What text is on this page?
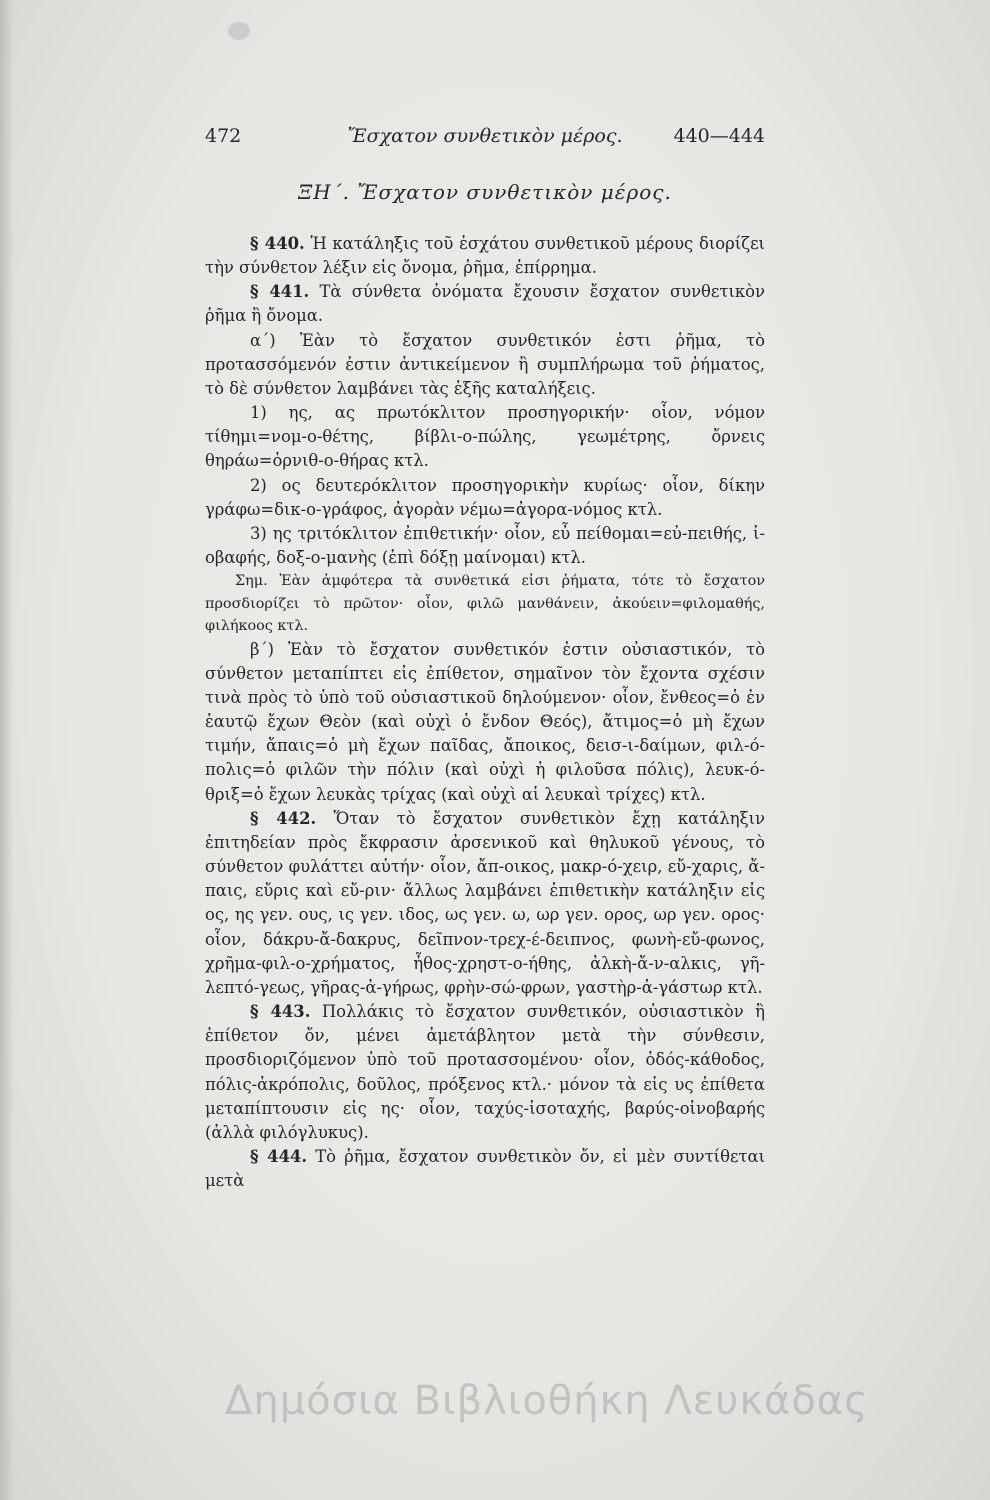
472	Ἔσχατον συνθετικὸν μέρος.	440—444
ΞΗ΄. Ἔσχατον συνθετικὸν μέρος.

§ 440. Ἡ κατάληξις τοῦ ἐσχάτου συνθετικοῦ μέρους διορίζει τὴν σύνθετον λέξιν εἰς ὄνομα, ῥῆμα, ἐπίρρημα.

§ 441. Τὰ σύνθετα ὀνόματα ἔχουσιν ἔσχατον συνθετικὸν ῥῆμα ἢ ὄνομα.

α΄) Ἐὰν τὸ ἔσχατον συνθετικόν ἐστι ῥῆμα, τὸ προτασσόμενόν ἐστιν ἀντικείμενον ἢ συμπλήρωμα τοῦ ῥήματος, τὸ δὲ σύνθετον λαμβάνει τὰς ἑξῆς καταλήξεις.

1) ης, ας πρωτόκλιτον προσηγορικήν· οἷον, νόμον τίθημι=νομ-ο-θέτης, βίβλι-ο-πώλης, γεωμέτρης, ὄρνεις θηράω=ὀρνιθ-ο-θήρας κτλ.

2) ος δευτερόκλιτον προσηγορικὴν κυρίως· οἷον, δίκην γράφω=δικ-ο-γράφος, ἀγορὰν νέμω=ἀγορα-νόμος κτλ.

3) ης τριτόκλιτον ἐπιθετικήν· οἷον, εὖ πείθομαι=εὐ-πειθής, ἰ-οβαφής, δοξ-ο-μανὴς (ἐπὶ δόξῃ μαίνομαι) κτλ.

Σημ. Ἐὰν ἀμφότερα τὰ συνθετικά εἰσι ῥήματα, τότε τὸ ἔσχατον προσδιορίζει τὸ πρῶτον· οἷον, φιλῶ μανθάνειν, ἀκούειν=φιλομαθής, φιλήκοος κτλ.

β΄) Ἐὰν τὸ ἔσχατον συνθετικόν ἐστιν οὐσιαστικόν, τὸ σύνθετον μεταπίπτει εἰς ἐπίθετον, σημαῖνον τὸν ἔχοντα σχέσιν τινὰ πρὸς τὸ ὑπὸ τοῦ οὐσιαστικοῦ δηλούμενον· οἷον, ἔνθεος=ὁ ἐν ἑαυτῷ ἔχων Θεὸν (καὶ οὐχὶ ὁ ἔνδον Θεός), ἄτιμος=ὁ μὴ ἔχων τιμήν, ἄπαις=ὁ μὴ ἔχων παῖδας, ἄποικος, δεισ-ι-δαίμων, φιλ-ό-πολις=ὁ φιλῶν τὴν πόλιν (καὶ οὐχὶ ἡ φιλοῦσα πόλις), λευκ-ό-θριξ=ὁ ἔχων λευκὰς τρίχας (καὶ οὐχὶ αἱ λευκαὶ τρίχες) κτλ.

§ 442. Ὅταν τὸ ἔσχατον συνθετικὸν ἔχῃ κατάληξιν ἐπιτηδείαν πρὸς ἔκφρασιν ἀρσενικοῦ καὶ θηλυκοῦ γένους, τὸ σύνθετον φυλάττει αὐτήν· οἷον, ἄπ-οικος, μακρ-ό-χειρ, εὔ-χαρις, ἄ-παις, εὔρις καὶ εὔ-ριν· ἄλλως λαμβάνει ἐπιθετικὴν κατάληξιν εἰς ος, ης γεν. ους, ις γεν. ιδος, ως γεν. ω, ωρ γεν. ορος, ωρ γεν. ορος· οἷον, δάκρυ-ἄ-δακρυς, δεῖπνον-τρεχ-έ-δειπνος, φωνὴ-εὔ-φωνος, χρῆμα-φιλ-ο-χρήματος, ἦθος-χρηστ-ο-ήθης, ἀλκὴ-ἄ-ν-αλκις, γῆ-λεπτό-γεως, γῆρας-ἀ-γήρως, φρὴν-σώ-φρων, γαστὴρ-ἀ-γάστωρ κτλ.

§ 443. Πολλάκις τὸ ἔσχατον συνθετικόν, οὐσιαστικὸν ἢ ἐπίθετον ὄν, μένει ἀμετάβλητον μετὰ τὴν σύνθεσιν, προσδιοριζόμενον ὑπὸ τοῦ προτασσομένου· οἷον, ὁδός-κάθοδος, πόλις-ἀκρόπολις, δοῦλος, πρόξενος κτλ.· μόνον τὰ εἰς υς ἐπίθετα μεταπίπτουσιν εἰς ης· οἷον, ταχύς-ἰσοταχής, βαρύς-οἰνοβαρής (ἀλλὰ φιλόγλυκυς).

§ 444. Τὸ ῥῆμα, ἔσχατον συνθετικὸν ὄν, εἰ μὲν συντίθεται μετὰ

Δημόσια Βιβλιοθήκη Λευκάδας
